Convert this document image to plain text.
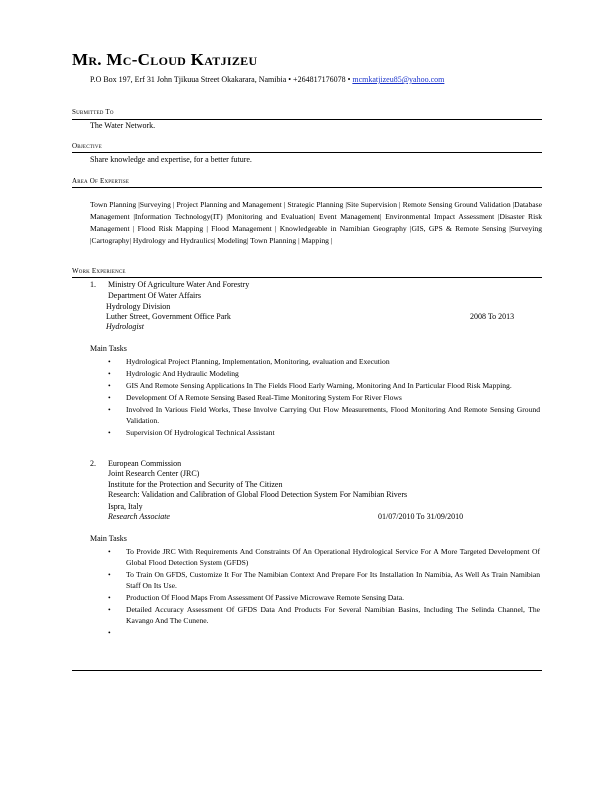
Mr. Mc-Cloud Katjizeu
P.O Box 197, Erf 31 John Tjikuua Street Okakarara, Namibia • +264817176078 • mcmkatjizeu85@yahoo.com
Submitted To
The Water Network.
Objective
Share knowledge and expertise, for a better future.
Area Of Expertise
Town Planning |Surveying | Project Planning and Management | Strategic Planning |Site Supervision | Remote Sensing Ground Validation |Database Management |Information Technology(IT) |Monitoring and Evaluation| Event Management| Environmental Impact Assessment |Disaster Risk Management | Flood Risk Mapping | Flood Management | Knowledgeable in Namibian Geography |GIS, GPS & Remote Sensing |Surveying |Cartography| Hydrology and Hydraulics| Modeling| Town Planning | Mapping |
Work Experience
1. Ministry Of Agriculture Water And Forestry
Department Of Water Affairs
Hydrology Division
Luther Street, Government Office Park	2008 To 2013
Hydrologist
Main Tasks
• Hydrological Project Planning, Implementation, Monitoring, evaluation and Execution
• Hydrologic And Hydraulic Modeling
• GIS And Remote Sensing Applications In The Fields Flood Early Warning, Monitoring And In Particular Flood Risk Mapping.
• Development Of A Remote Sensing Based Real-Time Monitoring System For River Flows
• Involved In Various Field Works, These Involve Carrying Out Flow Measurements, Flood Monitoring And Remote Sensing Ground Validation.
• Supervision Of Hydrological Technical Assistant
2. European Commission
Joint Research Center (JRC)
Institute for the Protection and Security of The Citizen
Research: Validation and Calibration of Global Flood Detection System For Namibian Rivers
Ispra, Italy
Research Associate	01/07/2010 To 31/09/2010
Main Tasks
• To Provide JRC With Requirements And Constraints Of An Operational Hydrological Service For A More Targeted Development Of Global Flood Detection System (GFDS)
• To Train On GFDS, Customize It For The Namibian Context And Prepare For Its Installation In Namibia, As Well As Train Namibian Staff On Its Use.
• Production Of Flood Maps From Assessment Of Passive Microwave Remote Sensing Data.
• Detailed Accuracy Assessment Of GFDS Data And Products For Several Namibian Basins, Including The Selinda Channel, The Kavango And The Cunene.
•
